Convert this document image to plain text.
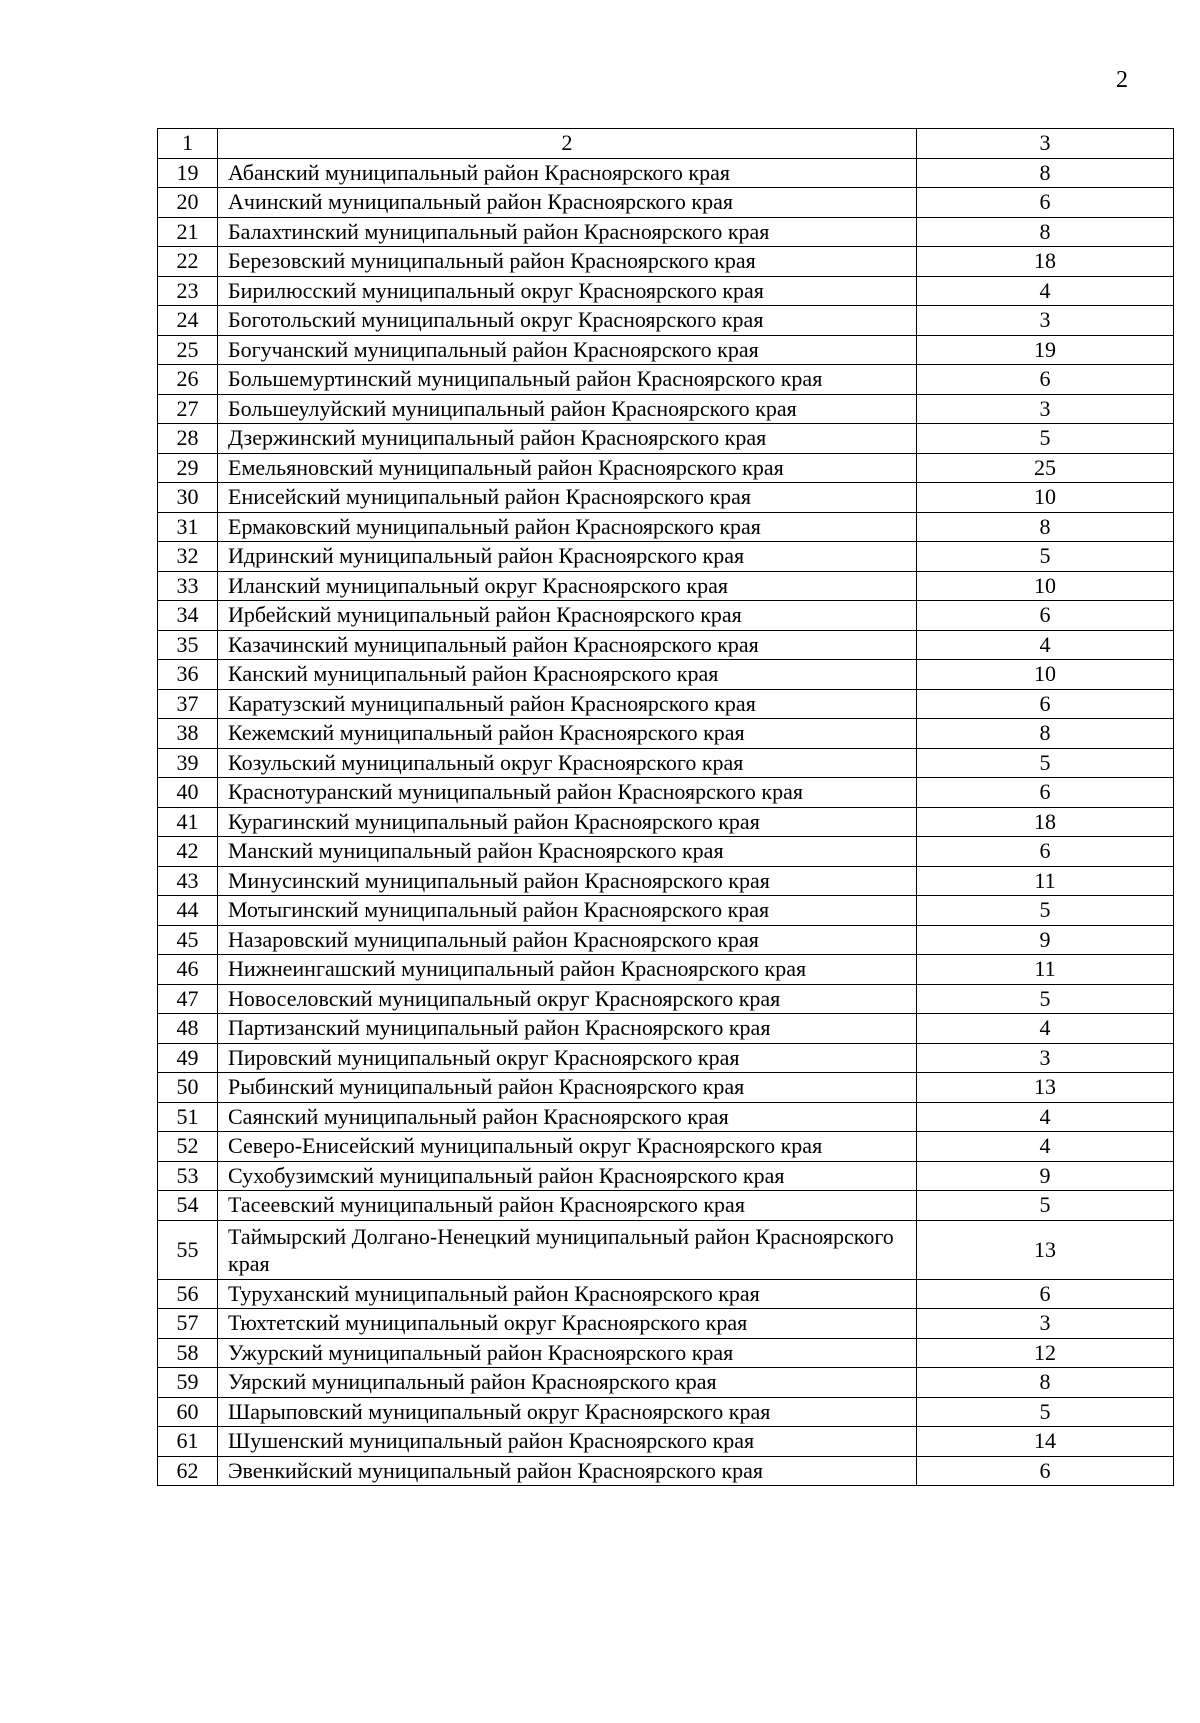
2
1	2	3
19	Абанский муниципальный район Красноярского края	8
20	Ачинский муниципальный район Красноярского края	6
21	Балахтинский муниципальный район Красноярского края	8
22	Березовский муниципальный район Красноярского края	18
23	Бирилюсский муниципальный округ Красноярского края	4
24	Боготольский муниципальный округ Красноярского края	3
25	Богучанский муниципальный район Красноярского края	19
26	Большемуртинский муниципальный район Красноярского края	6
27	Большеулуйский муниципальный район Красноярского края	3
28	Дзержинский муниципальный район Красноярского края	5
29	Емельяновский муниципальный район Красноярского края	25
30	Енисейский муниципальный район Красноярского края	10
31	Ермаковский муниципальный район Красноярского края	8
32	Идринский муниципальный район Красноярского края	5
33	Иланский муниципальный округ Красноярского края	10
34	Ирбейский муниципальный район Красноярского края	6
35	Казачинский муниципальный район Красноярского края	4
36	Канский муниципальный район Красноярского края	10
37	Каратузский муниципальный район Красноярского края	6
38	Кежемский муниципальный район Красноярского края	8
39	Козульский муниципальный округ Красноярского края	5
40	Краснотуранский муниципальный район Красноярского края	6
41	Курагинский муниципальный район Красноярского края	18
42	Манский муниципальный район Красноярского края	6
43	Минусинский муниципальный район Красноярского края	11
44	Мотыгинский муниципальный район Красноярского края	5
45	Назаровский муниципальный район Красноярского края	9
46	Нижнеингашский муниципальный район Красноярского края	11
47	Новоселовский муниципальный округ Красноярского края	5
48	Партизанский муниципальный район Красноярского края	4
49	Пировский муниципальный округ Красноярского края	3
50	Рыбинский муниципальный район Красноярского края	13
51	Саянский муниципальный район Красноярского края	4
52	Северо-Енисейский муниципальный округ Красноярского края	4
53	Сухобузимский муниципальный район Красноярского края	9
54	Тасеевский муниципальный район Красноярского края	5
55	Таймырский Долгано-Ненецкий муниципальный район Красноярского края	13
56	Туруханский муниципальный район Красноярского края	6
57	Тюхтетский муниципальный округ Красноярского края	3
58	Ужурский муниципальный район Красноярского края	12
59	Уярский муниципальный район Красноярского края	8
60	Шарыповский муниципальный округ Красноярского края	5
61	Шушенский муниципальный район Красноярского края	14
62	Эвенкийский муниципальный район Красноярского края	6
